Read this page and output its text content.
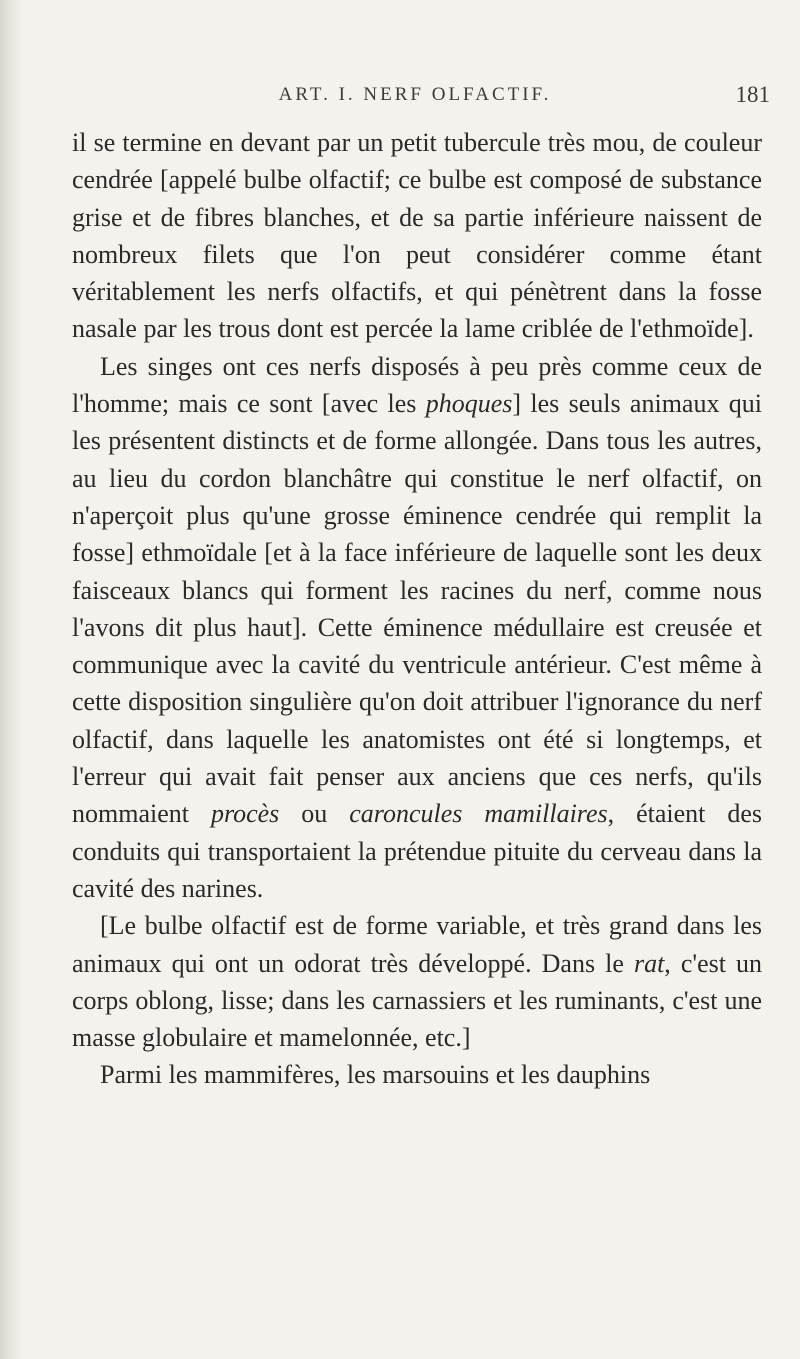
ART. I. NERF OLFACTIF.	181

il se termine en devant par un petit tubercule très mou, de couleur cendrée [appelé bulbe olfactif; ce bulbe est composé de substance grise et de fibres blanches, et de sa partie inférieure naissent de nombreux filets que l'on peut considérer comme étant véritablement les nerfs olfactifs, et qui pénètrent dans la fosse nasale par les trous dont est percée la lame criblée de l'ethmoïde].

Les singes ont ces nerfs disposés à peu près comme ceux de l'homme; mais ce sont [avec les phoques] les seuls animaux qui les présentent distincts et de forme allongée. Dans tous les autres, au lieu du cordon blanchâtre qui constitue le nerf olfactif, on n'aperçoit plus qu'une grosse éminence cendrée qui remplit la fosse] ethmoïdale [et à la face inférieure de laquelle sont les deux faisceaux blancs qui forment les racines du nerf, comme nous l'avons dit plus haut]. Cette éminence médullaire est creusée et communique avec la cavité du ventricule antérieur. C'est même à cette disposition singulière qu'on doit attribuer l'ignorance du nerf olfactif, dans laquelle les anatomistes ont été si longtemps, et l'erreur qui avait fait penser aux anciens que ces nerfs, qu'ils nommaient procès ou caroncules mamillaires, étaient des conduits qui transportaient la prétendue pituite du cerveau dans la cavité des narines.

[Le bulbe olfactif est de forme variable, et très grand dans les animaux qui ont un odorat très développé. Dans le rat, c'est un corps oblong, lisse; dans les carnassiers et les ruminants, c'est une masse globulaire et mamelonnée, etc.]

Parmi les mammifères, les marsouins et les dauphins
